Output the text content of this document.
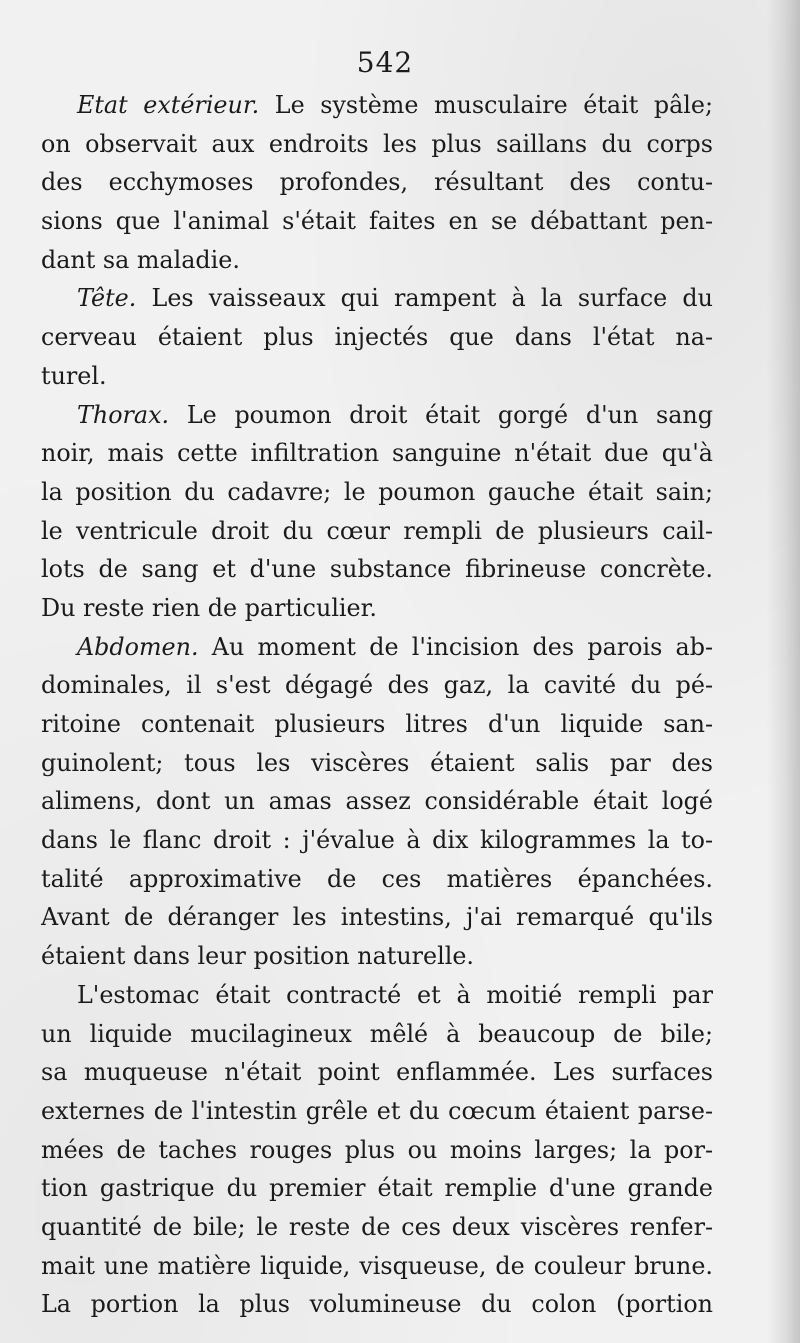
542
Etat extérieur. Le système musculaire était pâle;
on observait aux endroits les plus saillans du corps
des ecchymoses profondes, résultant des contu-
sions que l'animal s'était faites en se débattant pen-
dant sa maladie.
Tête. Les vaisseaux qui rampent à la surface du
cerveau étaient plus injectés que dans l'état na-
turel.
Thorax. Le poumon droit était gorgé d'un sang
noir, mais cette infiltration sanguine n'était due qu'à
la position du cadavre; le poumon gauche était sain;
le ventricule droit du cœur rempli de plusieurs cail-
lots de sang et d'une substance fibrineuse concrète.
Du reste rien de particulier.
Abdomen. Au moment de l'incision des parois ab-
dominales, il s'est dégagé des gaz, la cavité du pé-
ritoine contenait plusieurs litres d'un liquide san-
guinolent; tous les viscères étaient salis par des
alimens, dont un amas assez considérable était logé
dans le flanc droit : j'évalue à dix kilogrammes la to-
talité approximative de ces matières épanchées.
Avant de déranger les intestins, j'ai remarqué qu'ils
étaient dans leur position naturelle.
L'estomac était contracté et à moitié rempli par
un liquide mucilagineux mêlé à beaucoup de bile;
sa muqueuse n'était point enflammée. Les surfaces
externes de l'intestin grêle et du cœcum étaient parse-
mées de taches rouges plus ou moins larges; la por-
tion gastrique du premier était remplie d'une grande
quantité de bile; le reste de ces deux viscères renfer-
mait une matière liquide, visqueuse, de couleur brune.
La portion la plus volumineuse du colon (portion
